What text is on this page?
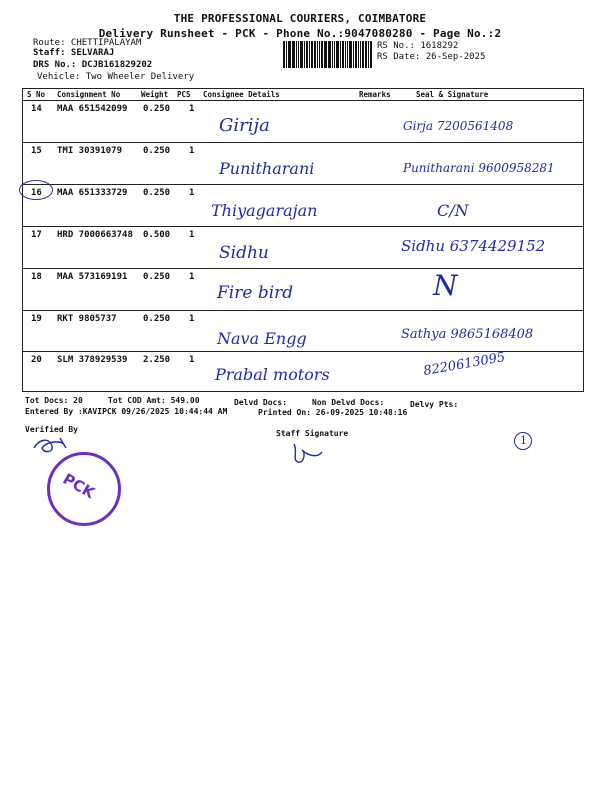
THE PROFESSIONAL COURIERS, COIMBATORE
Delivery Runsheet - PCK - Phone No.:9047080280 - Page No.:2
Route: CHETTIPALAYAM
Staff: SELVARAJ
DRS No.: DCJB161829202
Vehicle: Two Wheeler Delivery
RS No.: 1618292
RS Date: 26-Sep-2025
S No Consignment No	Weight PCS Consignee Details	Remarks	Seal & Signature
14 MAA 651542099 0.250 1
Girija	Girja 7200561408
15 TMI 30391079 0.250 1
Punitharani	Punitharani 9600958281
16 MAA 651333729 0.250 1
Thiyagarajan	C/N
17 HRD 7000663748 0.500 1
Sidhu	Sidhu 6374429152
18 MAA 573169191 0.250 1
Fire bird	N
19 RKT 9805737	0.250 1
Nava Engg	Sathya 9865168408
20 SLM 378929539 2.250 1
Prabal motors	8220613095
Tot Docs: 20	Tot COD Amt: 549.00	Delvd Docs:	Non Delvd Docs:	Delvy Pts:
Entered By :KAVIPCK 09/26/2025 10:44:44 AM	Printed On: 26-09-2025 10:48:16
Verified By	Staff Signature
PCK
1
